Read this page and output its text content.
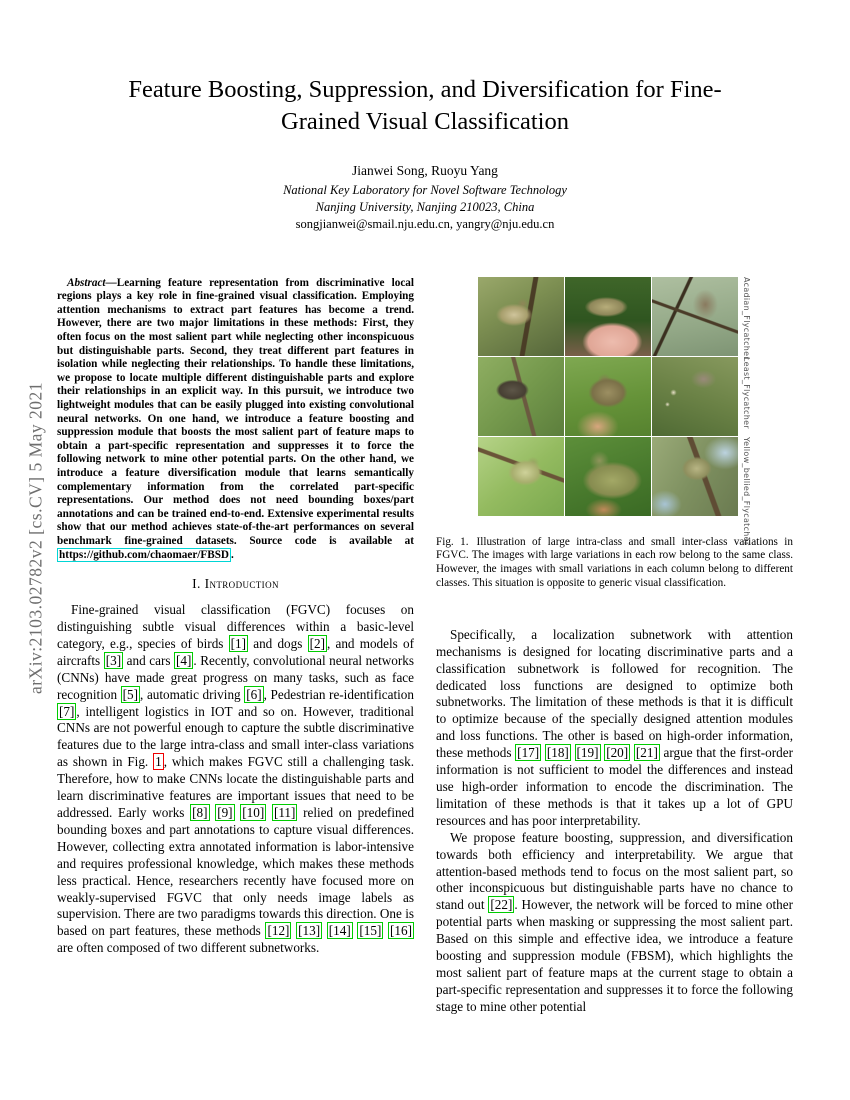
arXiv:2103.02782v2 [cs.CV] 5 May 2021
Feature Boosting, Suppression, and Diversification for Fine-Grained Visual Classification
Jianwei Song, Ruoyu Yang
National Key Laboratory for Novel Software Technology
Nanjing University, Nanjing 210023, China
songjianwei@smail.nju.edu.cn, yangry@nju.edu.cn
Abstract—Learning feature representation from discriminative local regions plays a key role in fine-grained visual classification. Employing attention mechanisms to extract part features has become a trend. However, there are two major limitations in these methods: First, they often focus on the most salient part while neglecting other inconspicuous but distinguishable parts. Second, they treat different part features in isolation while neglecting their relationships. To handle these limitations, we propose to locate multiple different distinguishable parts and explore their relationships in an explicit way. In this pursuit, we introduce two lightweight modules that can be easily plugged into existing convolutional neural networks. On one hand, we introduce a feature boosting and suppression module that boosts the most salient part of feature maps to obtain a part-specific representation and suppresses it to force the following network to mine other potential parts. On the other hand, we introduce a feature diversification module that learns semantically complementary information from the correlated part-specific representations. Our method does not need bounding boxes/part annotations and can be trained end-to-end. Extensive experimental results show that our method achieves state-of-the-art performances on several benchmark fine-grained datasets. Source code is available at https://github.com/chaomaer/FBSD .
I. Introduction
Fine-grained visual classification (FGVC) focuses on distinguishing subtle visual differences within a basic-level category, e.g., species of birds [1] and dogs [2] , and models of aircrafts [3] and cars [4] . Recently, convolutional neural networks (CNNs) have made great progress on many tasks, such as face recognition [5] , automatic driving [6] , Pedestrian re-identification [7] , intelligent logistics in IOT and so on. However, traditional CNNs are not powerful enough to capture the subtle discriminative features due to the large intra-class and small inter-class variations as shown in Fig. 1 , which makes FGVC still a challenging task. Therefore, how to make CNNs locate the distinguishable parts and learn discriminative features are important issues that need to be addressed. Early works [8] [9] [10] [11] relied on predefined bounding boxes and part annotations to capture visual differences. However, collecting extra annotated information is labor-intensive and requires professional knowledge, which makes these methods less practical. Hence, researchers recently have focused more on weakly-supervised FGVC that only needs image labels as supervision. There are two paradigms towards this direction. One is based on part features, these methods [12] [13] [14] [15] [16] are often composed of two different subnetworks.
Acadian_Flycatcher
Least_Flycatcher
Yellow_bellied_Flycatcher
Fig. 1. Illustration of large intra-class and small inter-class variations in FGVC. The images with large variations in each row belong to the same class. However, the images with small variations in each column belong to different classes. This situation is opposite to generic visual classification.
Specifically, a localization subnetwork with attention mechanisms is designed for locating discriminative parts and a classification subnetwork is followed for recognition. The dedicated loss functions are designed to optimize both subnetworks. The limitation of these methods is that it is difficult to optimize because of the specially designed attention modules and loss functions. The other is based on high-order information, these methods [17] [18] [19] [20] [21] argue that the first-order information is not sufficient to model the differences and instead use high-order information to encode the discrimination. The limitation of these methods is that it takes up a lot of GPU resources and has poor interpretability.
We propose feature boosting, suppression, and diversification towards both efficiency and interpretability. We argue that attention-based methods tend to focus on the most salient part, so other inconspicuous but distinguishable parts have no chance to stand out [22] . However, the network will be forced to mine other potential parts when masking or suppressing the most salient part. Based on this simple and effective idea, we introduce a feature boosting and suppression module (FBSM), which highlights the most salient part of feature maps at the current stage to obtain a part-specific representation and suppresses it to force the following stage to mine other potential
